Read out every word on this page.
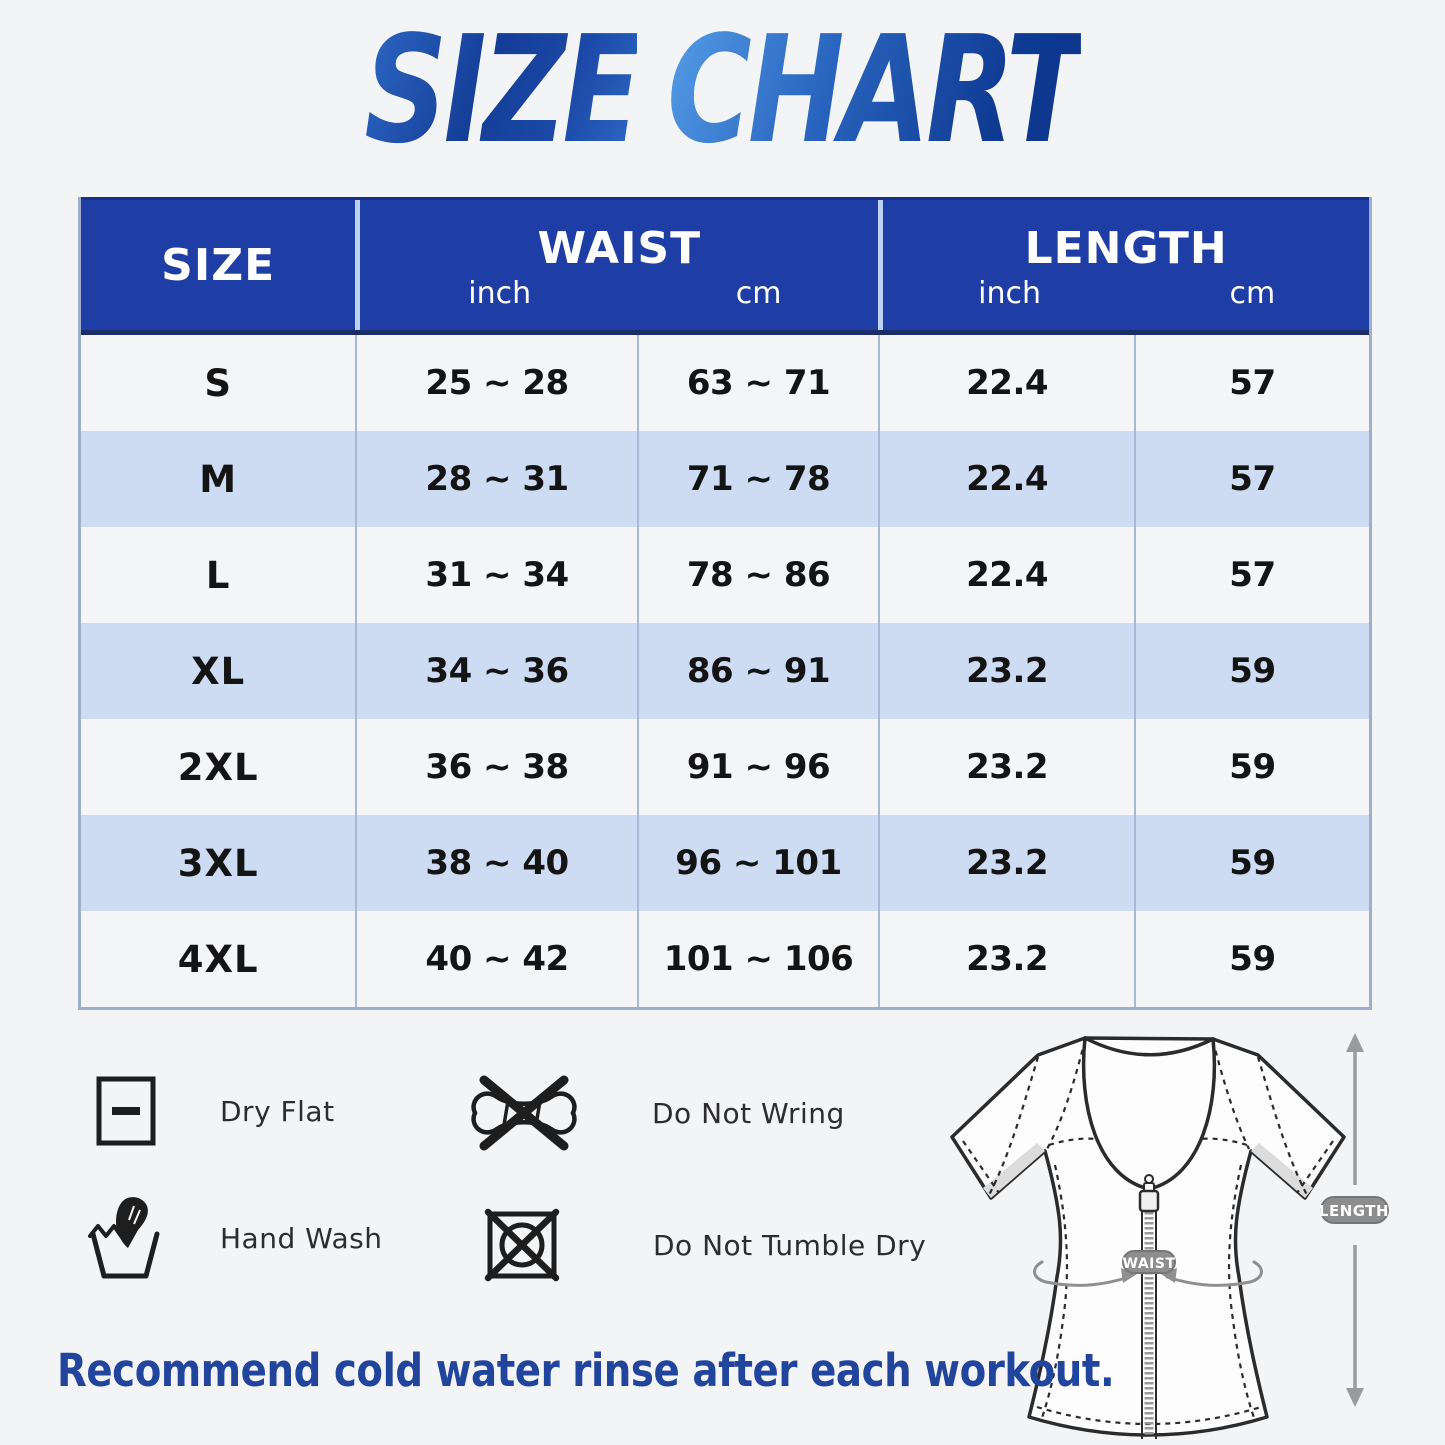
SIZE CHART
SIZE	WAIST
inch	cm
LENGTH
inch	cm
S	25 ~ 28	63 ~ 71	22.4	57
M	28 ~ 31	71 ~ 78	22.4	57
L	31 ~ 34	78 ~ 86	22.4	57
XL	34 ~ 36	86 ~ 91	23.2	59
2XL	36 ~ 38	91 ~ 96	23.2	59
3XL	38 ~ 40	96 ~ 101	23.2	59
4XL	40 ~ 42	101 ~ 106	23.2	59
Dry Flat	Do Not Wring
Hand Wash	Do Not Tumble Dry
WAIST
LENGTH
Recommend cold water rinse after each workout.
